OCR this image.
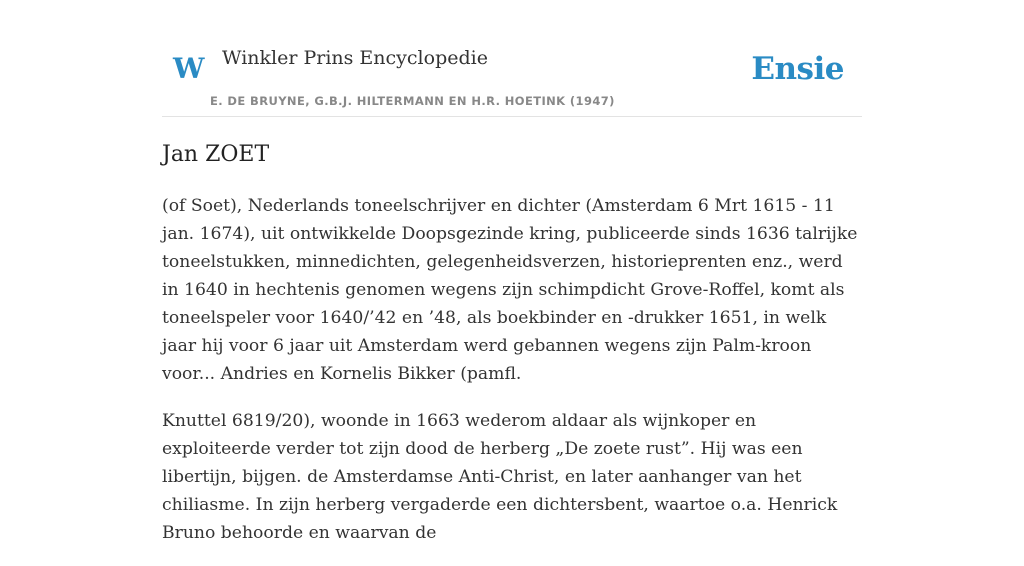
W Winkler Prins Encyclopedie	Ensie
E. DE BRUYNE, G.B.J. HILTERMANN EN H.R. HOETINK (1947)
Jan ZOET

(of Soet), Nederlands toneelschrijver en dichter (Amsterdam 6 Mrt 1615 - 11 jan. 1674), uit ontwikkelde Doopsgezinde kring, publiceerde sinds 1636 talrijke toneelstukken, minnedichten, gelegenheidsverzen, historieprenten enz., werd in 1640 in hechtenis genomen wegens zijn schimpdicht Grove-Roffel, komt als toneelspeler voor 1640/’42 en ’48, als boekbinder en -drukker 1651, in welk jaar hij voor 6 jaar uit Amsterdam werd gebannen wegens zijn Palm-kroon voor... Andries en Kornelis Bikker (pamfl.

Knuttel 6819/20), woonde in 1663 wederom aldaar als wijnkoper en exploiteerde verder tot zijn dood de herberg „De zoete rust”. Hij was een libertijn, bijgen. de Amsterdamse Anti-Christ, en later aanhanger van het chiliasme. In zijn herberg vergaderde een dichtersbent, waartoe o.a. Henrick Bruno behoorde en waarvan de
